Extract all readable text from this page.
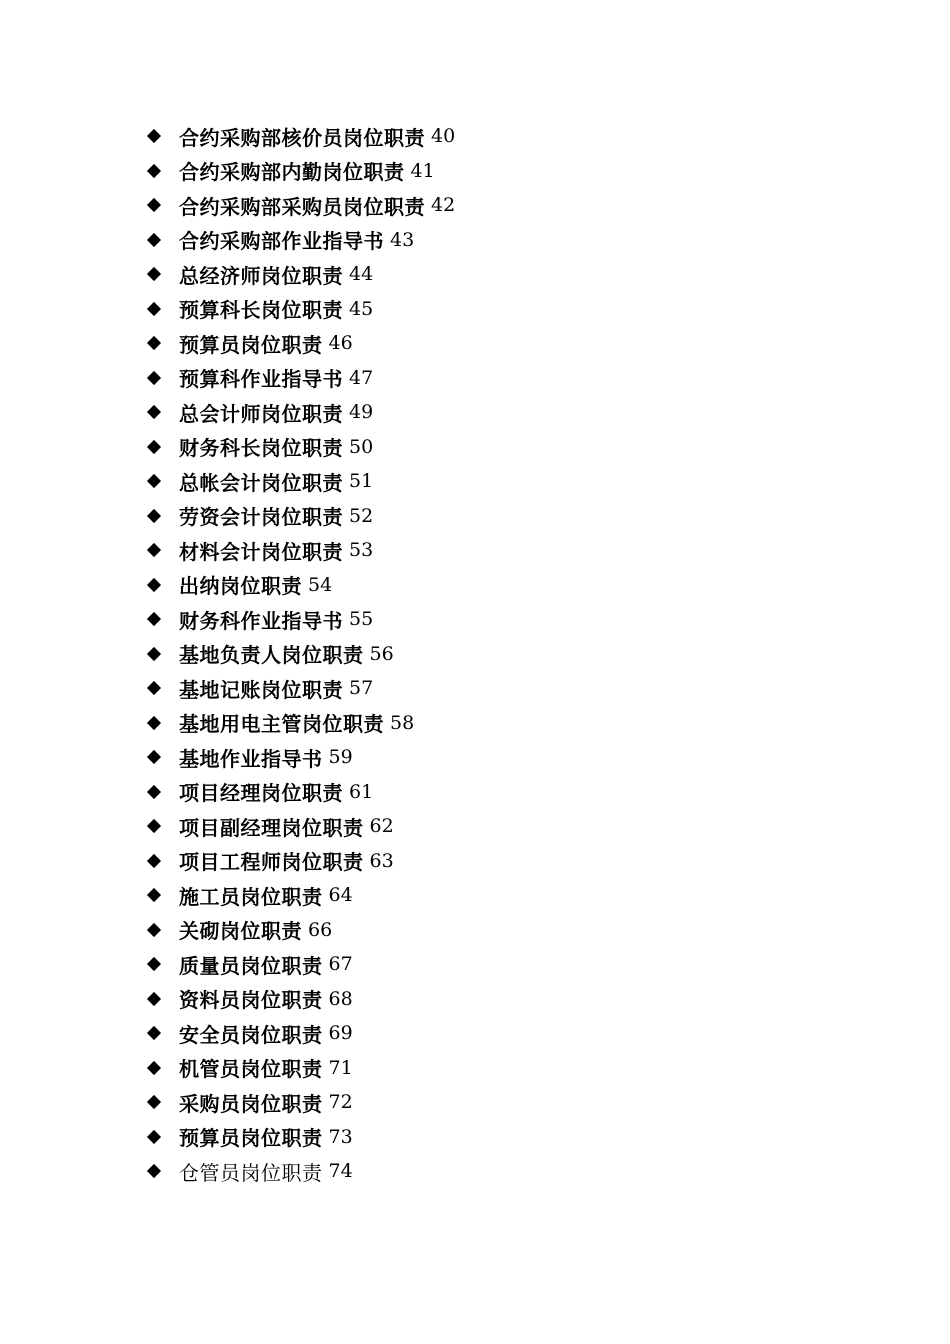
合约采购部核价员岗位职责 40
合约采购部内勤岗位职责 41
合约采购部采购员岗位职责 42
合约采购部作业指导书 43
总经济师岗位职责 44
预算科长岗位职责 45
预算员岗位职责 46
预算科作业指导书 47
总会计师岗位职责 49
财务科长岗位职责 50
总帐会计岗位职责 51
劳资会计岗位职责 52
材料会计岗位职责 53
出纳岗位职责 54
财务科作业指导书 55
基地负责人岗位职责 56
基地记账岗位职责 57
基地用电主管岗位职责 58
基地作业指导书 59
项目经理岗位职责 61
项目副经理岗位职责 62
项目工程师岗位职责 63
施工员岗位职责 64
关砌岗位职责 66
质量员岗位职责 67
资料员岗位职责 68
安全员岗位职责 69
机管员岗位职责 71
采购员岗位职责 72
预算员岗位职责 73
仓管员岗位职责 74
